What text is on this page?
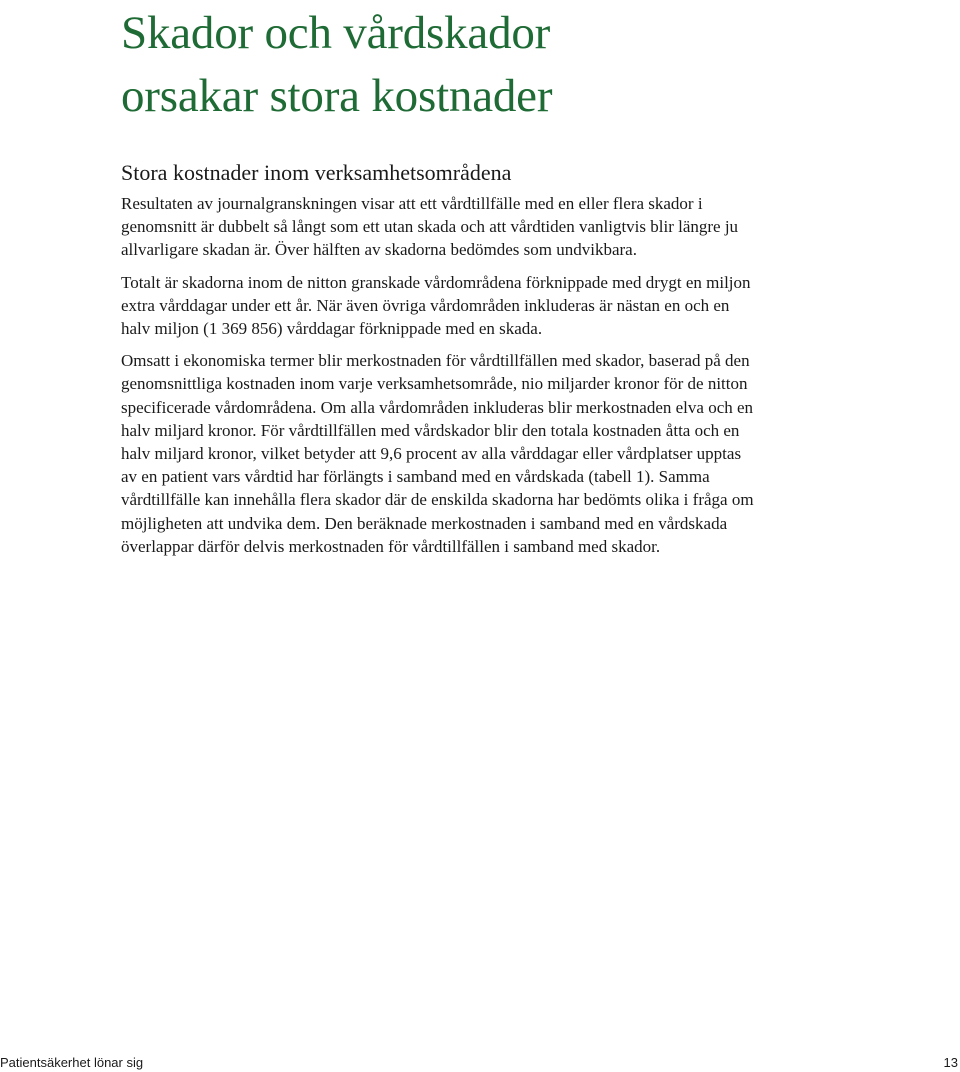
Skador och vårdskador
orsakar stora kostnader
Stora kostnader inom verksamhetsområdena

Resultaten av journalgranskningen visar att ett vårdtillfälle med en eller flera skador i genomsnitt är dubbelt så långt som ett utan skada och att vårdtiden vanligtvis blir längre ju allvarligare skadan är. Över hälften av skadorna bedömdes som undvikbara.

Totalt är skadorna inom de nitton granskade vårdområdena förknippade med drygt en miljon extra vårddagar under ett år. När även övriga vårdområden inkluderas är nästan en och en halv miljon (1 369 856) vårddagar förknippade med en skada.

Omsatt i ekonomiska termer blir merkostnaden för vårdtillfällen med skador, baserad på den genomsnittliga kostnaden inom varje verksamhetsområde, nio miljarder kronor för de nitton specificerade vårdområdena. Om alla vårdområden inkluderas blir merkostnaden elva och en halv miljard kronor. För vårdtillfällen med vårdskador blir den totala kostnaden åtta och en halv miljard kronor, vilket betyder att 9,6 procent av alla vårddagar eller vårdplatser upptas av en patient vars vårdtid har förlängts i samband med en vårdskada (tabell 1). Samma vårdtillfälle kan innehålla flera skador där de enskilda skadorna har bedömts olika i fråga om möjligheten att undvika dem. Den beräknade merkostnaden i samband med en vårdskada överlappar därför delvis merkostnaden för vårdtillfällen i samband med skador.

Patientsäkerhet lönar sig	13
